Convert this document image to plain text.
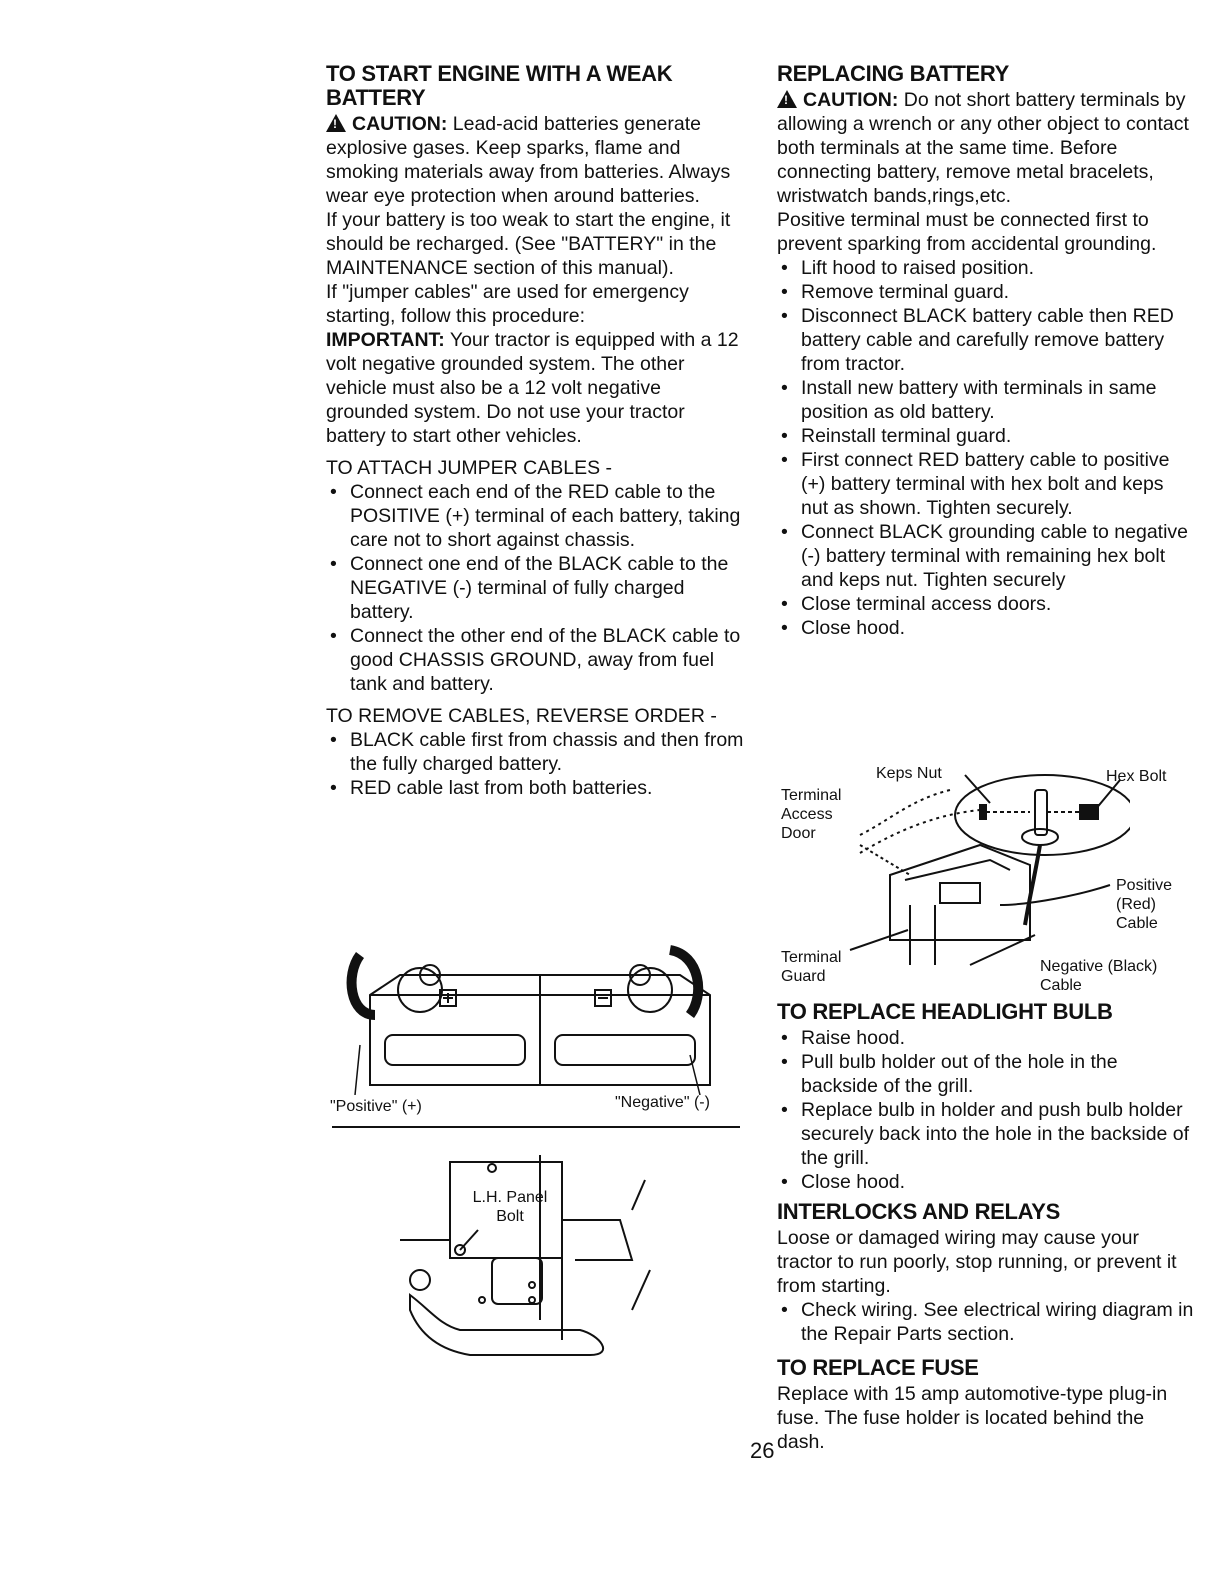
TO START ENGINE WITH A WEAK BATTERY

!CAUTION: Lead-acid batteries generate explosive gases. Keep sparks, flame and smoking materials away from batteries. Always wear eye protection when around batteries.

If your battery is too weak to start the engine, it should be recharged. (See "BATTERY" in the MAINTENANCE section of this manual).

If "jumper cables" are used for emergency starting, follow this procedure:

IMPORTANT: Your tractor is equipped with a 12 volt negative grounded system. The other vehicle must also be a 12 volt negative grounded system. Do not use your tractor battery to start other vehicles.

TO ATTACH JUMPER CABLES -

• Connect each end of the RED cable to the POSITIVE (+) terminal of each battery, taking care not to short against chassis.
• Connect one end of the BLACK cable to the NEGATIVE (-) terminal of fully charged battery.
• Connect the other end of the BLACK cable to good CHASSIS GROUND, away from fuel tank and battery.

TO REMOVE CABLES, REVERSE ORDER -

• BLACK cable first from chassis and then from the fully charged battery.
• RED cable last from both batteries.
"Positive" (+)	"Negative" (-)
L.H. Panel Bolt
REPLACING BATTERY

!CAUTION: Do not short battery terminals by allowing a wrench or any other object to contact both terminals at the same time. Before connecting battery, remove metal bracelets, wristwatch bands,rings,etc.

Positive terminal must be connected first to prevent sparking from accidental grounding.

• Lift hood to raised position.
• Remove terminal guard.
• Disconnect BLACK battery cable then RED battery cable and carefully remove battery from tractor.
• Install new battery with terminals in same position as old battery.
• Reinstall terminal guard.
• First connect RED battery cable to positive (+) battery terminal with hex bolt and keps nut as shown. Tighten securely.
• Connect BLACK grounding cable to negative (-) battery terminal with remaining hex bolt and keps nut. Tighten securely
• Close terminal access doors.
• Close hood.
Keps Nut	Hex Bolt
Terminal Access Door
Positive (Red) Cable
Terminal Guard
Negative (Black) Cable
TO REPLACE HEADLIGHT BULB
• Raise hood.
• Pull bulb holder out of the hole in the backside of the grill.
• Replace bulb in holder and push bulb holder securely back into the hole in the backside of the grill.
• Close hood.
INTERLOCKS AND RELAYS

Loose or damaged wiring may cause your tractor to run poorly, stop running, or prevent it from starting.

• Check wiring. See electrical wiring diagram in the Repair Parts section.
TO REPLACE FUSE

Replace with 15 amp automotive-type plug-in fuse. The fuse holder is located behind the dash.

26
